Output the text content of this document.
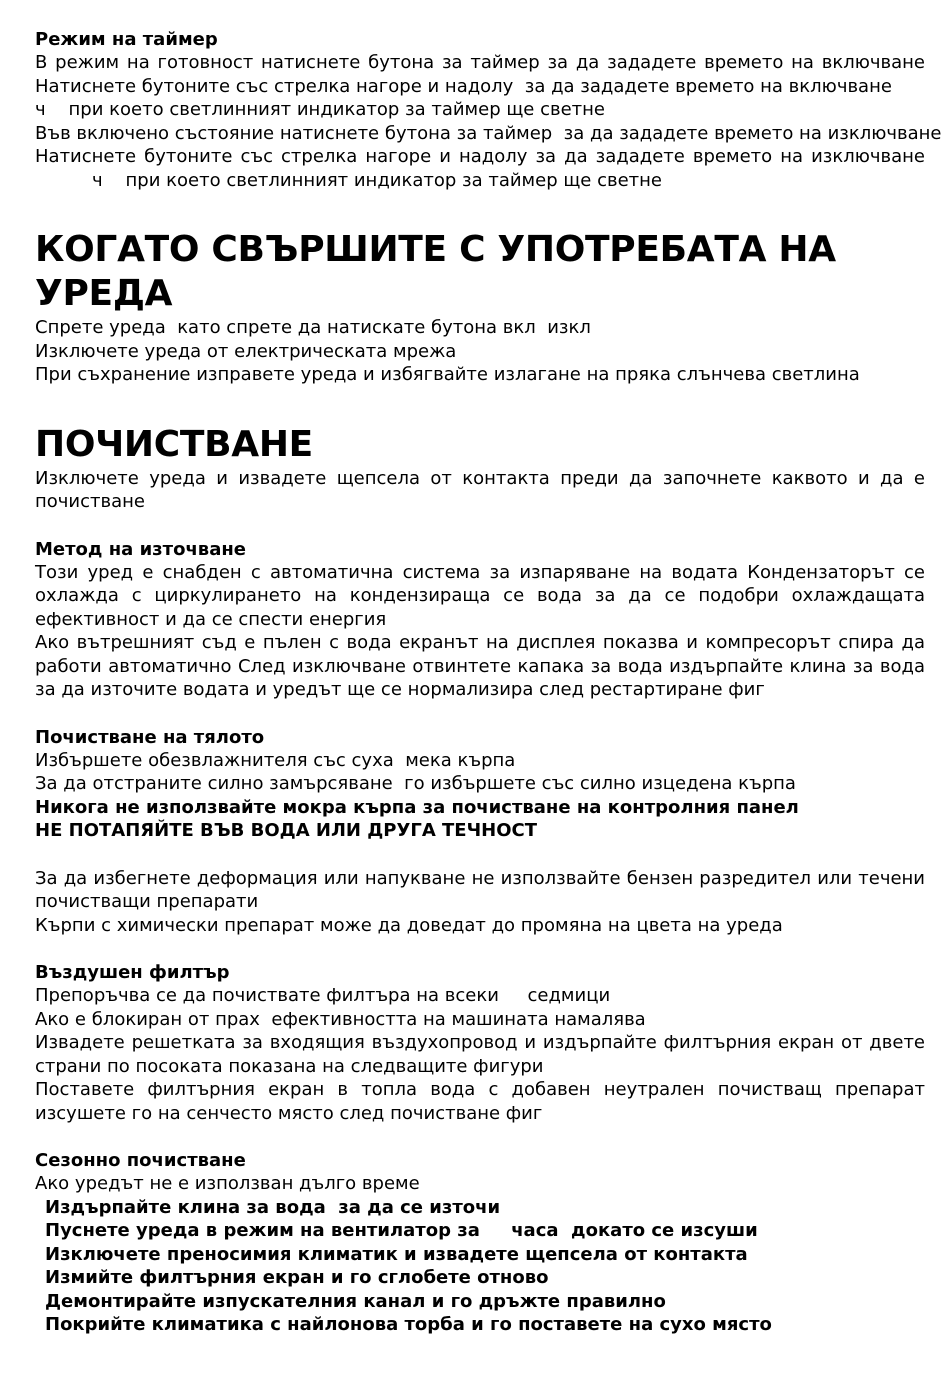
Режим на таймер

В режим на готовност натиснете бутона за таймер за да зададете времето на включване

Натиснете бутоните със стрелка нагоре и надолу  за да зададете времето на включване

ч    при което светлинният индикатор за таймер ще светне

Във включено състояние натиснете бутона за таймер  за да зададете времето на изключване

Натиснете бутоните със стрелка нагоре и надолу за да зададете времето на изключване

ч    при което светлинният индикатор за таймер ще светне

КОГАТО СВЪРШИТЕ С УПОТРЕБАТА НА УРЕДА

Спрете уреда  като спрете да натискате бутона вкл  изкл

Изключете уреда от електрическата мрежа

При съхранение изправете уреда и избягвайте излагане на пряка слънчева светлина

ПОЧИСТВАНЕ

Изключете уреда и извадете щепсела от контакта преди да започнете каквото и да е почистване

Метод на източване

Този уред е снабден с автоматична система за изпаряване на водата Кондензаторът се охлажда с циркулирането на кондензираща се вода за да се подобри охлаждащата ефективност и да се спести енергия

Ако вътрешният съд е пълен с вода екранът на дисплея показва и компресорът спира да работи автоматично След изключване отвинтете капака за вода издърпайте клина за вода за да източите водата и уредът ще се нормализира след рестартиране фиг

Почистване на тялото

Избършете обезвлажнителя със суха  мека кърпа

За да отстраните силно замърсяване  го избършете със силно изцедена кърпа

Никога не използвайте мокра кърпа за почистване на контролния панел

НЕ ПОТАПЯЙТЕ ВЪВ ВОДА ИЛИ ДРУГА ТЕЧНОСТ

За да избегнете деформация или напукване не използвайте бензен разредител или течени почистващи препарати

Кърпи с химически препарат може да доведат до промяна на цвета на уреда

Въздушен филтър

Препоръчва се да почиствате филтъра на всеки     седмици

Ако е блокиран от прах  ефективността на машината намалява

Извадете решетката за входящия въздухопровод и издърпайте филтърния екран от двете страни по посоката показана на следващите фигури

Поставете филтърния екран в топла вода с добавен неутрален почистващ препарат изсушете го на сенчесто място след почистване фиг

Сезонно почистване

Ако уредът не е използван дълго време

Издърпайте клина за вода  за да се източи

Пуснете уреда в режим на вентилатор за     часа  докато се изсуши

Изключете преносимия климатик и извадете щепсела от контакта

Измийте филтърния екран и го сглобете отново

Демонтирайте изпускателния канал и го дръжте правилно

Покрийте климатика с найлонова торба и го поставете на сухо място
